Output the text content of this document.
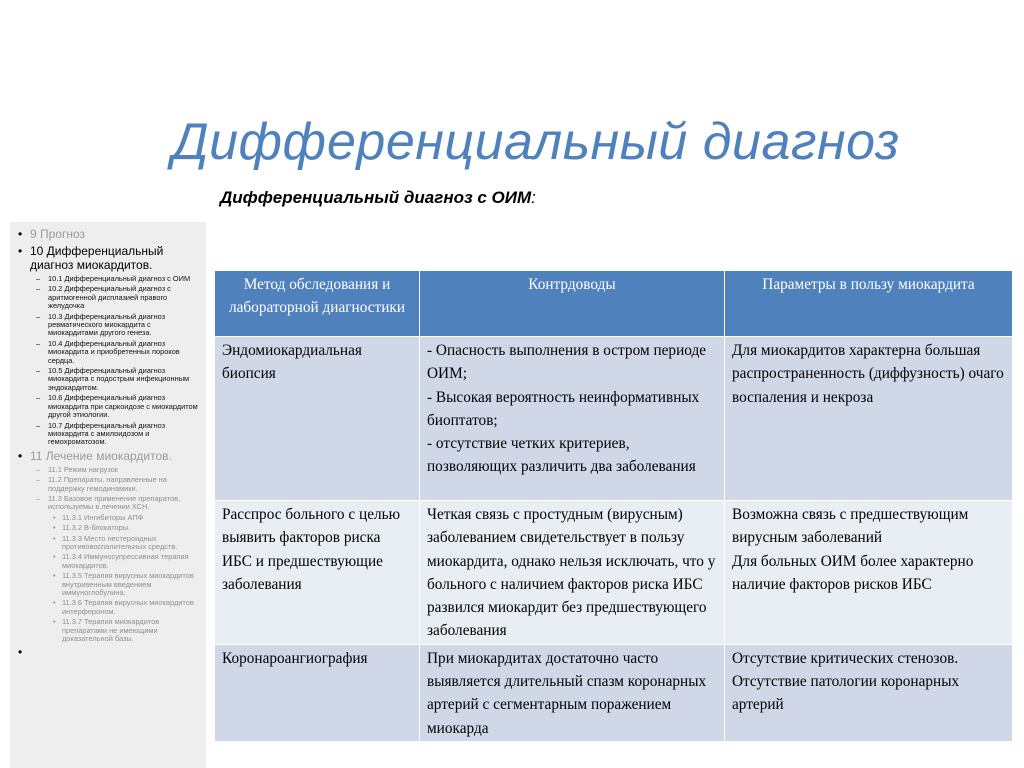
Дифференциальный диагноз
Дифференциальный диагноз с ОИМ:
• 9 Прогноз
• 10 Дифференциальный диагноз миокардитов.
– 10.1 Дифференциальный диагноз с ОИМ
– 10.2 Дифференциальный диагноз с аритмогенной дисплазией правого желудочка
– 10.3 Дифференциальный диагноз ревматического миокардита с миокардитами другого генеза.
– 10.4 Дифференциальный диагноз миокардита и приобретенных пороков сердца.
– 10.5 Дифференциальный диагноз миокардита с подострым инфекционным эндокардитом.
– 10.6 Дифференциальный диагноз миокардита при саркоидозе с миокардитом другой этиологии.
– 10.7 Дифференциальный диагноз миокардита с амилоидозом и гемохроматозом.
• 11 Лечение миокардитов.
– 11.1 Режим нагрузок
– 11.2 Препараты, направленные на поддержку гемодинамики.
– 11.3 Базовое применение препаратов, используемы в лечении ХСН.
• 11.3.1 Ингибиторы АПФ
• 11.3.2 В-блокаторы.
• 11.3.3 Место нестероидных противовоспалительных средств.
• 11.3.4 Иммуносупрессивная терапия миокардитов.
• 11.3.5 Терапия вирусных миокардитов внутривенным введением иммуноглобулина.
• 11.3.6 Терапия вирусных миокардитов интерфероном.
• 11.3.7 Терапия миокардитов препаратами не имеющими доказательной базы.
•
Метод обследования и лабораторной диагностики	Контрдоводы	Параметры в пользу миокардита

Эндомиокардиальная биопсия	- Опасность выполнения в остром периоде ОИМ;
- Высокая вероятность неинформативных биоптатов;
- отсутствие четких критериев, позволяющих различить два заболевания	Для миокардитов характерна большая распространенность (диффузность) очаго воспаления и некроза

Расспрос больного с целью выявить факторов риска ИБС и предшествующие заболевания	Четкая связь с простудным (вирусным) заболеванием свидетельствует в пользу миокардита, однако нельзя исключать, что у больного с наличием факторов риска ИБС развился миокардит без предшествующего заболевания	Возможна связь с предшествующим вирусным заболеваний
Для больных ОИМ более характерно наличие факторов рисков ИБС

Коронароангиография	При миокардитах достаточно часто выявляется длительный спазм коронарных артерий с сегментарным поражением миокарда	Отсутствие критических стенозов.
Отсутствие патологии коронарных артерий
